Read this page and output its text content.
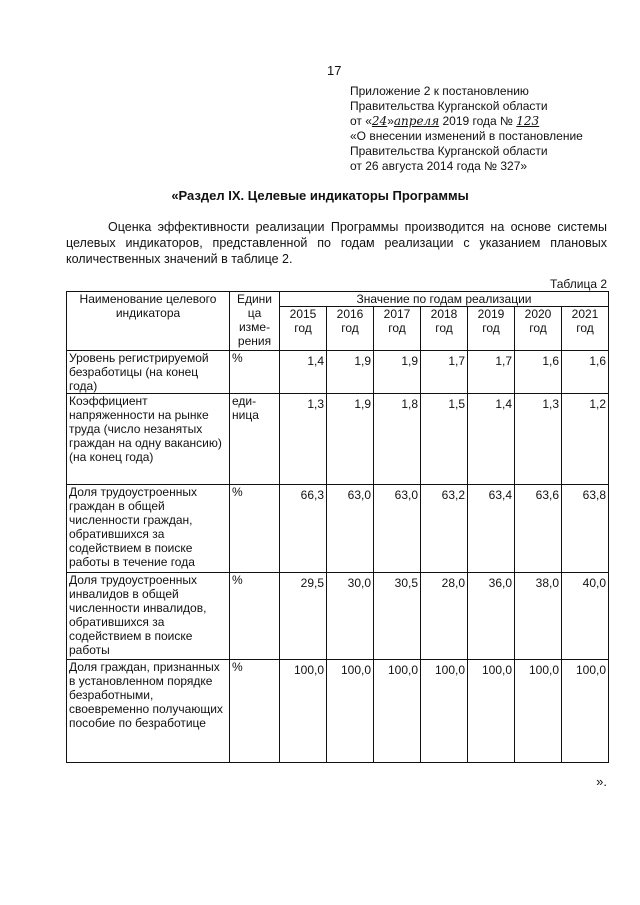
17
Приложение 2 к постановлению
Правительства Курганской области
от «24»апреля 2019 года № 123
«О внесении изменений в постановление
Правительства Курганской области
от 26 августа 2014 года № 327»
«Раздел IX. Целевые индикаторы Программы

Оценка эффективности реализации Программы производится на основе системы целевых индикаторов, представленной по годам реализации с указанием плановых количественных значений в таблице 2.

Таблица 2
Наименование целевого индикатора	Едини ца изме- рения	Значение по годам реализации						
		2015 год	2016 год	2017 год	2018 год	2019 год	2020 год	2021 год
Уровень регистрируемой безработицы (на конец года)	%	1,4	1,9	1,9	1,7	1,7	1,6	1,6
Коэффициент напряженности на рынке труда (число незанятых граждан на одну вакансию) (на конец года)	еди- ница	1,3	1,9	1,8	1,5	1,4	1,3	1,2
Доля трудоустроенных граждан в общей численности граждан, обратившихся за содействием в поиске работы в течение года	%	66,3	63,0	63,0	63,2	63,4	63,6	63,8
Доля трудоустроенных инвалидов в общей численности инвалидов, обратившихся за содействием в поиске работы	%	29,5	30,0	30,5	28,0	36,0	38,0	40,0
Доля граждан, признанных в установленном порядке безработными, своевременно получающих пособие по безработице	%	100,0	100,0	100,0	100,0	100,0	100,0	100,0
».
